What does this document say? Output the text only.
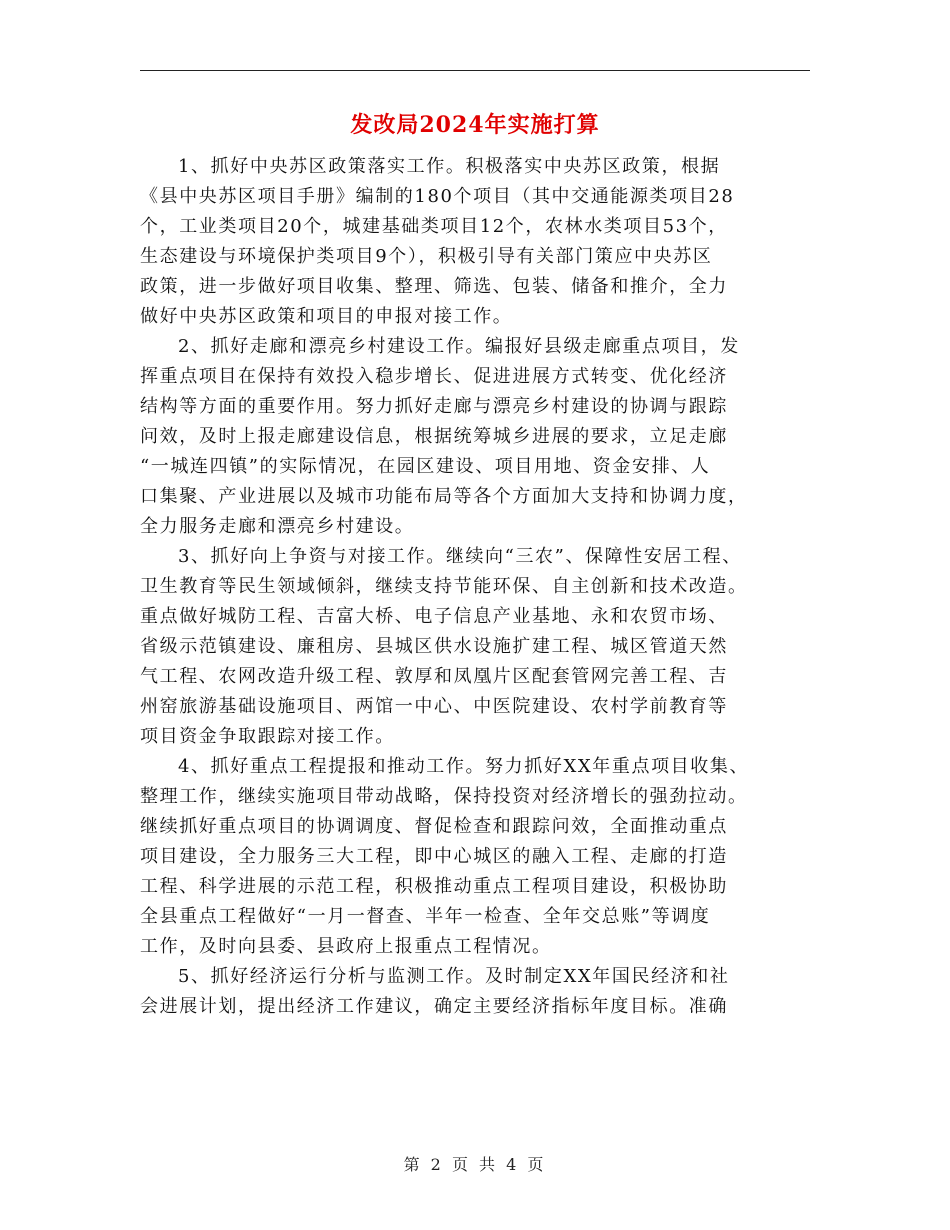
发改局2024年实施打算
1、抓好中央苏区政策落实工作。积极落实中央苏区政策，根据
《县中央苏区项目手册》编制的180个项目（其中交通能源类项目28
个，工业类项目20个，城建基础类项目12个，农林水类项目53个，
生态建设与环境保护类项目9个），积极引导有关部门策应中央苏区
政策，进一步做好项目收集、整理、筛选、包装、储备和推介，全力
做好中央苏区政策和项目的申报对接工作。
2、抓好走廊和漂亮乡村建设工作。编报好县级走廊重点项目，发
挥重点项目在保持有效投入稳步增长、促进进展方式转变、优化经济
结构等方面的重要作用。努力抓好走廊与漂亮乡村建设的协调与跟踪
问效，及时上报走廊建设信息，根据统筹城乡进展的要求，立足走廊
“一城连四镇”的实际情况，在园区建设、项目用地、资金安排、人
口集聚、产业进展以及城市功能布局等各个方面加大支持和协调力度，
全力服务走廊和漂亮乡村建设。
3、抓好向上争资与对接工作。继续向“三农”、保障性安居工程、
卫生教育等民生领域倾斜，继续支持节能环保、自主创新和技术改造。
重点做好城防工程、吉富大桥、电子信息产业基地、永和农贸市场、
省级示范镇建设、廉租房、县城区供水设施扩建工程、城区管道天然
气工程、农网改造升级工程、敦厚和凤凰片区配套管网完善工程、吉
州窑旅游基础设施项目、两馆一中心、中医院建设、农村学前教育等
项目资金争取跟踪对接工作。
4、抓好重点工程提报和推动工作。努力抓好XX年重点项目收集、
整理工作，继续实施项目带动战略，保持投资对经济增长的强劲拉动。
继续抓好重点项目的协调调度、督促检查和跟踪问效，全面推动重点
项目建设，全力服务三大工程，即中心城区的融入工程、走廊的打造
工程、科学进展的示范工程，积极推动重点工程项目建设，积极协助
全县重点工程做好“一月一督查、半年一检查、全年交总账”等调度
工作，及时向县委、县政府上报重点工程情况。
5、抓好经济运行分析与监测工作。及时制定XX年国民经济和社
会进展计划，提出经济工作建议，确定主要经济指标年度目标。准确
第 2 页 共 4 页
